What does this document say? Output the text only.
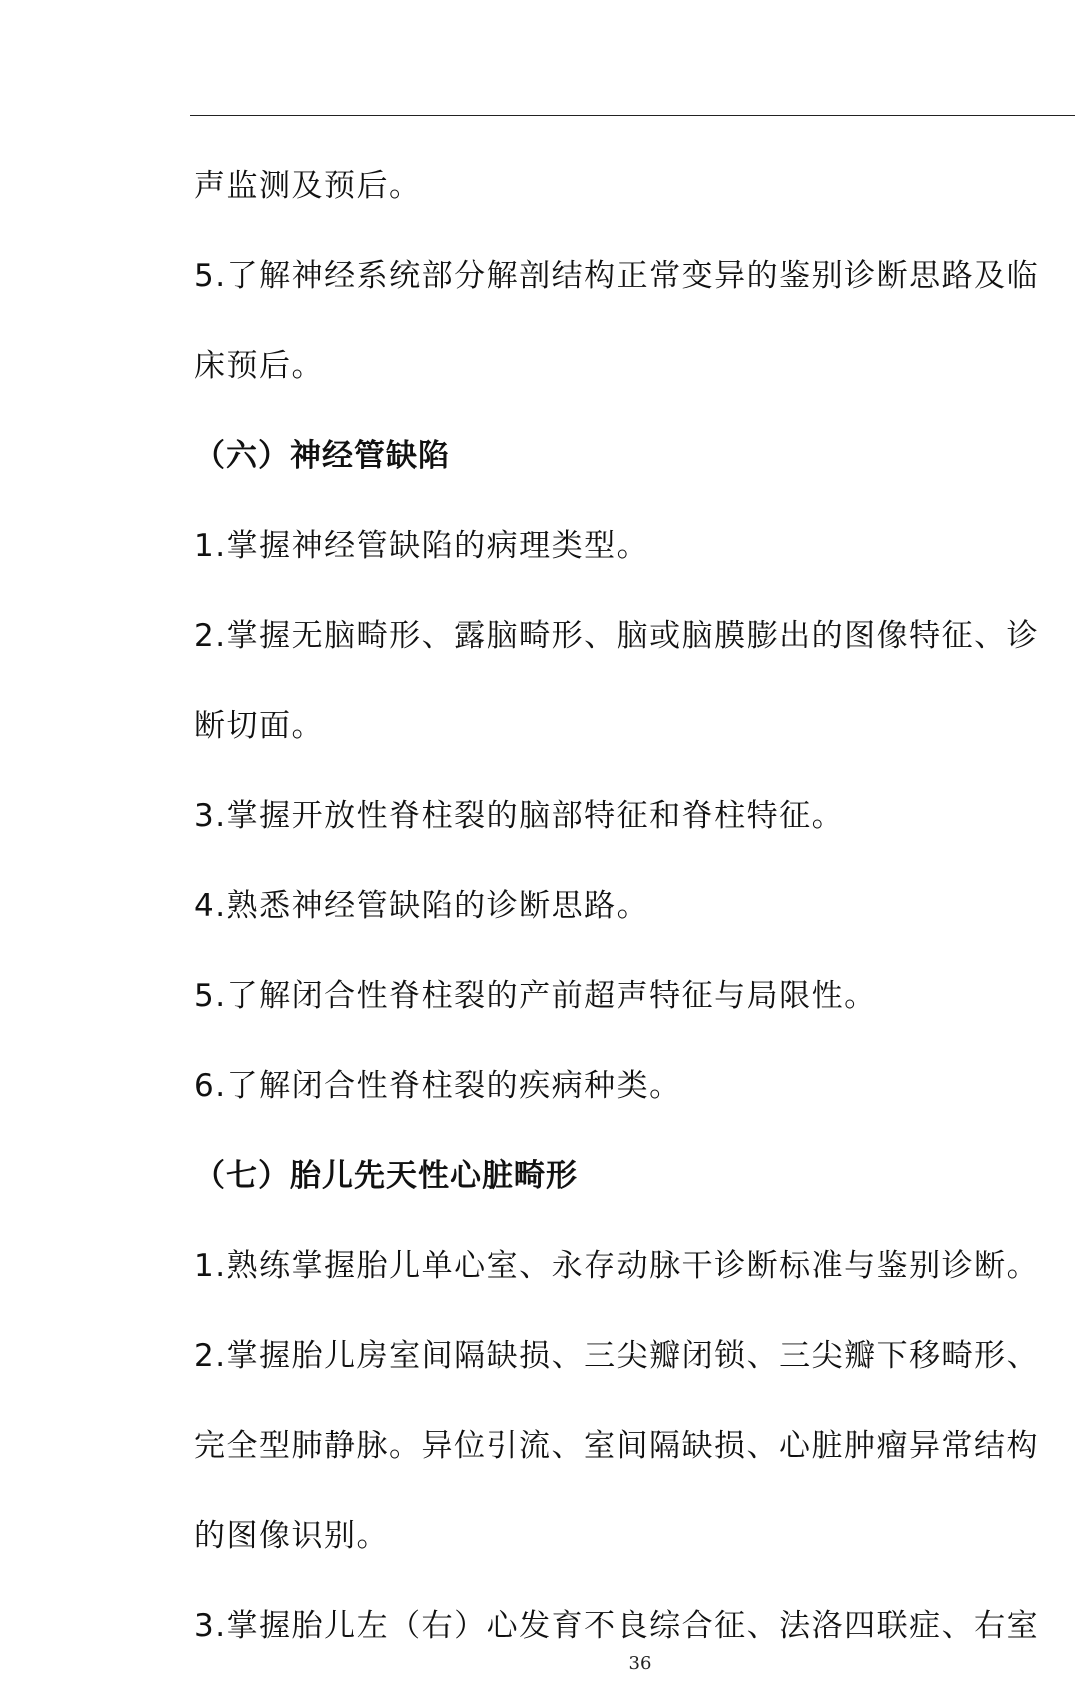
声监测及预后。
5.了解神经系统部分解剖结构正常变异的鉴别诊断思路及临
床预后。
（六）神经管缺陷
1.掌握神经管缺陷的病理类型。
2.掌握无脑畸形、露脑畸形、脑或脑膜膨出的图像特征、诊
断切面。
3.掌握开放性脊柱裂的脑部特征和脊柱特征。
4.熟悉神经管缺陷的诊断思路。
5.了解闭合性脊柱裂的产前超声特征与局限性。
6.了解闭合性脊柱裂的疾病种类。
（七）胎儿先天性心脏畸形
1.熟练掌握胎儿单心室、永存动脉干诊断标准与鉴别诊断。
2.掌握胎儿房室间隔缺损、三尖瓣闭锁、三尖瓣下移畸形、
完全型肺静脉。异位引流、室间隔缺损、心脏肿瘤异常结构
的图像识别。
3.掌握胎儿左（右）心发育不良综合征、法洛四联症、右室
36
